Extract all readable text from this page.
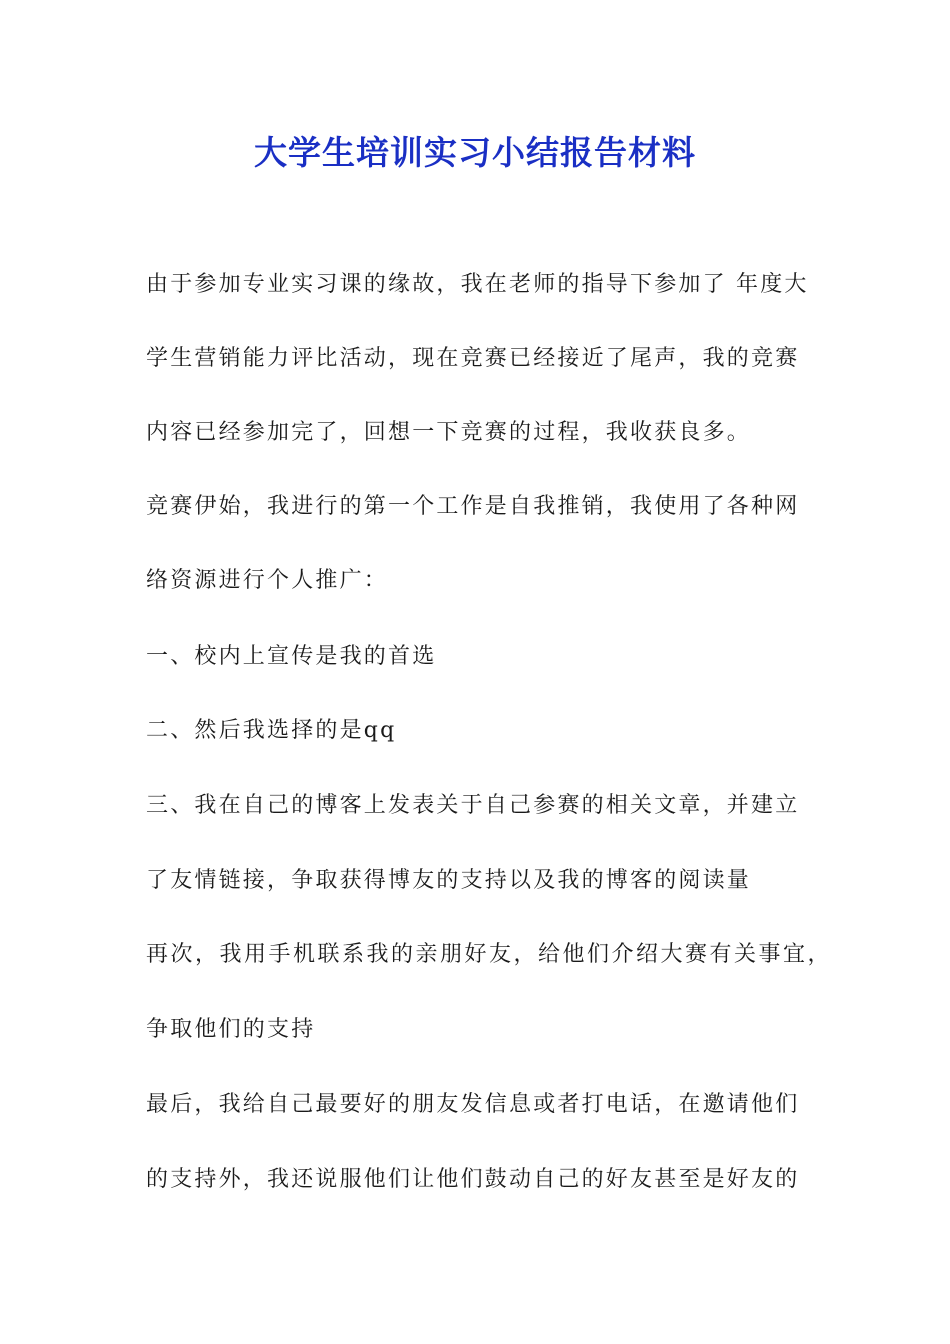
大学生培训实习小结报告材料

由于参加专业实习课的缘故，我在老师的指导下参加了 年度大

学生营销能力评比活动，现在竞赛已经接近了尾声，我的竞赛

内容已经参加完了，回想一下竞赛的过程，我收获良多。

竞赛伊始，我进行的第一个工作是自我推销，我使用了各种网

络资源进行个人推广：

一、校内上宣传是我的首选

二、然后我选择的是qq

三、我在自己的博客上发表关于自己参赛的相关文章，并建立

了友情链接，争取获得博友的支持以及我的博客的阅读量

再次，我用手机联系我的亲朋好友，给他们介绍大赛有关事宜，

争取他们的支持

最后，我给自己最要好的朋友发信息或者打电话，在邀请他们

的支持外，我还说服他们让他们鼓动自己的好友甚至是好友的
